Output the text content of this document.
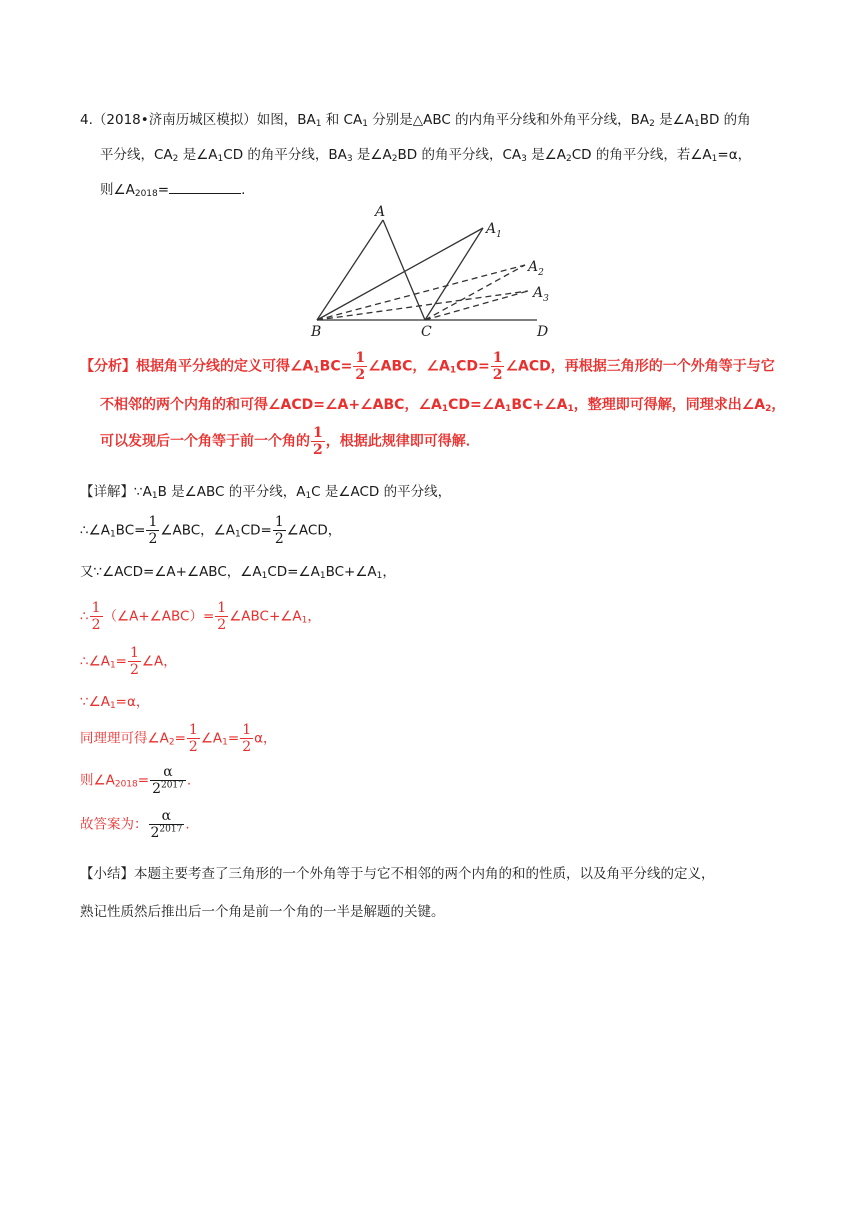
4.（2018•济南历城区模拟）如图，$BA_1$ 和 $CA_1$ 分别是△ABC 的内角平分线和外角平分线，$BA_2$ 是$\angle A_1BD$ 的角
平分线，$CA_2$ 是$\angle A_1CD$ 的角平分线，$BA_3$ 是$\angle A_2BD$ 的角平分线，$CA_3$ 是$\angle A_2CD$ 的角平分线，若$\angle A_1=\alpha$，
则$\angle A_{2018}=$	.
A
$A_1$
$A_2$
$A_3$
B	C	D
【分析】根据角平分线的定义可得$\angle A_1BC= \frac{1}{2}$ ∠ABC，$\angle A_1CD= \frac{1}{2}$ ∠ACD，再根据三角形的一个外角等于与它
不相邻的两个内角的和可得∠ACD=∠A+∠ABC，$\angle A_1CD=\angle A_1BC+\angle A_1$，整理即可得解，同理求出$\angle A_2$，
可以发现后一个角等于前一个角的 $\frac{1}{2}$ ，根据此规律即可得解．
【详解】$\because A_1B$ 是∠ABC 的平分线，$A_1C$ 是∠ACD 的平分线，
$\therefore\angle A_1BC= \frac{1}{2}$ ∠ABC，$\angle A_1CD= \frac{1}{2}$ ∠ACD，
又∵∠ACD=∠A+∠ABC，$\angle A_1CD=\angle A_1BC+\angle A_1$，
∴ $\frac{1}{2}$ （∠A+∠ABC）= $\frac{1}{2}$ $\angle ABC+\angle A_1$，
$\therefore\angle A_1= \frac{1}{2}$ ∠A，
$\because\angle A_1=\alpha$，
同理理可得$\angle A_2= \frac{1}{2}$ $\angle A_1= \frac{1}{2}$ α，
则$\angle A_{2018}= \frac{\alpha}{2^{2017}}$ .
故答案为： $\frac{\alpha}{2^{2017}}$ .
【小结】本题主要考查了三角形的一个外角等于与它不相邻的两个内角的和的性质，以及角平分线的定义，
熟记性质然后推出后一个角是前一个角的一半是解题的关键。
